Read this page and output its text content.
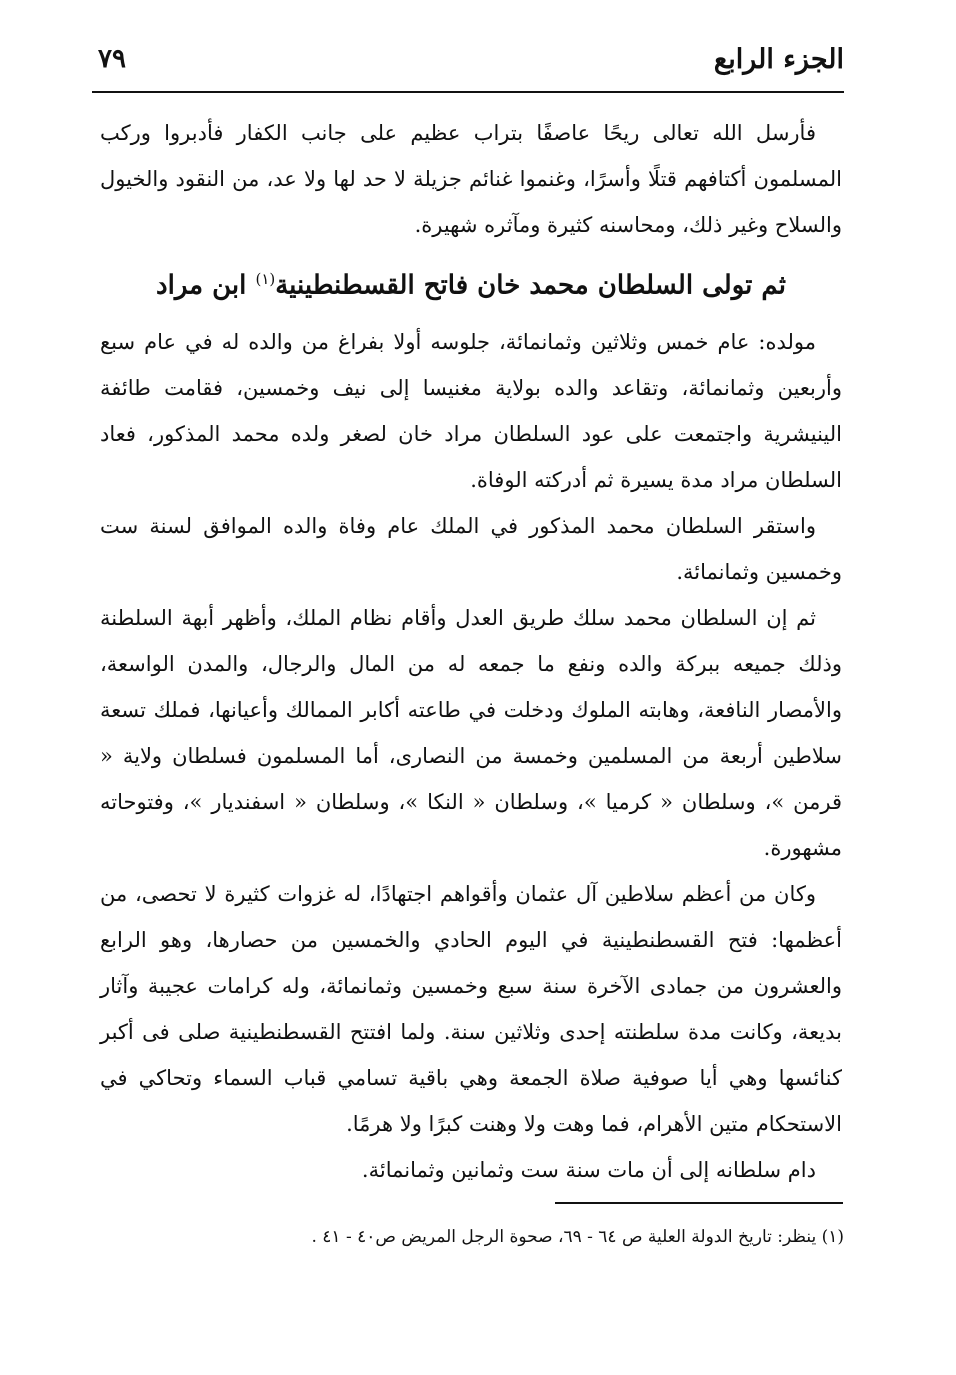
الجزء الرابع
٧٩

فأرسل الله تعالى ريحًا عاصفًا بتراب عظيم على جانب الكفار فأدبروا وركب المسلمون أكتافهم قتلًا وأسرًا، وغنموا غنائم جزيلة لا حد لها ولا عد، من النقود والخيول والسلاح وغير ذلك، ومحاسنه كثيرة ومآثره شهيرة.

ثم تولى السلطان محمد خان فاتح القسطنطينية$^{(١)}$ ابن مراد

مولده: عام خمس وثلاثين وثمانمائة، جلوسه أولا بفراغ من والده له في عام سبع وأربعين وثمانمائة، وتقاعد والده بولاية مغنيسا إلى نيف وخمسين، فقامت طائفة الينيشرية واجتمعت على عود السلطان مراد خان لصغر ولده محمد المذكور، فعاد السلطان مراد مدة يسيرة ثم أدركته الوفاة.

واستقر السلطان محمد المذكور في الملك عام وفاة والده الموافق لسنة ست وخمسين وثمانمائة.

ثم إن السلطان محمد سلك طريق العدل وأقام نظام الملك، وأظهر أبهة السلطنة وذلك جميعه ببركة والده ونفع ما جمعه له من المال والرجال، والمدن الواسعة، والأمصار النافعة، وهابته الملوك ودخلت في طاعته أكابر الممالك وأعيانها، فملك تسعة سلاطين أربعة من المسلمين وخمسة من النصارى، أما المسلمون فسلطان ولاية « قرمن »، وسلطان « كرميا »، وسلطان « النكا »، وسلطان « اسفنديار »، وفتوحاته مشهورة.

وكان من أعظم سلاطين آل عثمان وأقواهم اجتهادًا، له غزوات كثيرة لا تحصى، من أعظمها: فتح القسطنطينية في اليوم الحادي والخمسين من حصارها، وهو الرابع والعشرون من جمادى الآخرة سنة سبع وخمسين وثمانمائة، وله كرامات عجيبة وآثار بديعة، وكانت مدة سلطنته إحدى وثلاثين سنة. ولما افتتح القسطنطينية صلى فى أكبر كنائسها وهي أيا صوفية صلاة الجمعة وهي باقية تسامي قباب السماء وتحاكي في الاستحكام متين الأهرام، فما وهت ولا وهنت كبرًا ولا هرمًا.

دام سلطانه إلى أن مات سنة ست وثمانين وثمانمائة.

(١) ينظر: تاريخ الدولة العلية ص ٦٤ - ٦٩، صحوة الرجل المريض ص٤٠ - ٤١ .
